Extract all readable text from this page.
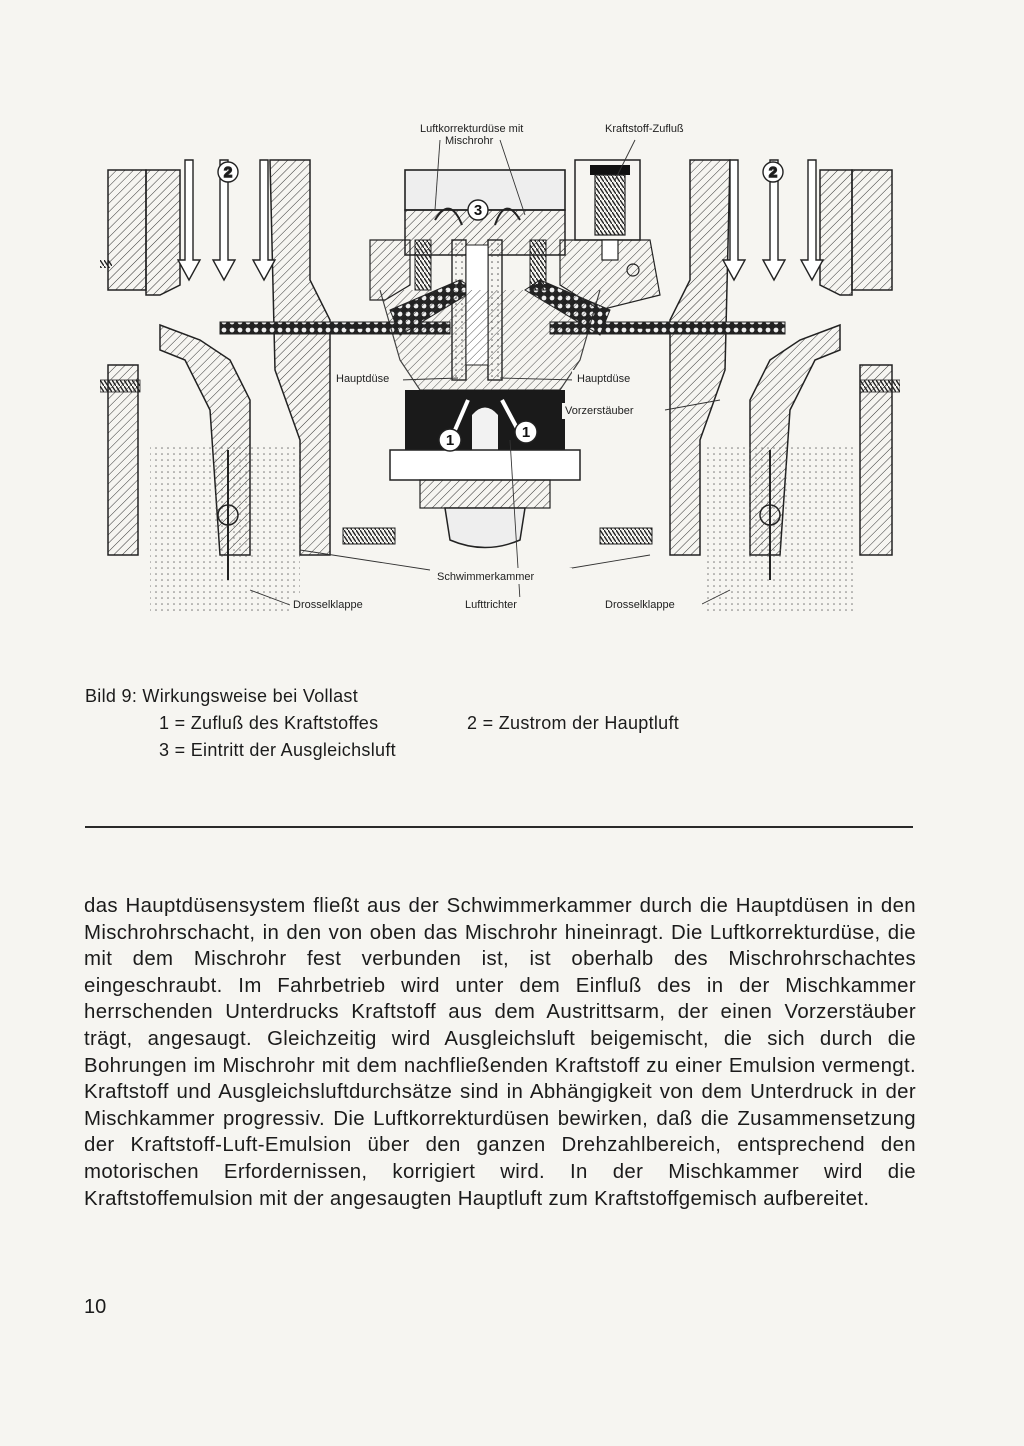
2	2
3
1	1
Luftkorrekturdüse mit
Mischrohr
Kraftstoff-Zufluß
Hauptdüse	Hauptdüse
Vorzerstäuber
Schwimmerkammer
Drosselklappe	Lufttrichter	Drosselklappe
Bild 9: Wirkungsweise bei Vollast
1 = Zufluß des Kraftstoffes	2 = Zustrom der Hauptluft
3 = Eintritt der Ausgleichsluft

das Hauptdüsensystem fließt aus der Schwimmerkammer durch die Hauptdüsen in den Mischrohrschacht, in den von oben das Mischrohr hineinragt. Die Luftkorrekturdüse, die mit dem Mischrohr fest verbunden ist, ist oberhalb des Mischrohrschachtes eingeschraubt. Im Fahrbetrieb wird unter dem Einfluß des in der Mischkammer herrschenden Unterdrucks Kraftstoff aus dem Austrittsarm, der einen Vorzerstäuber trägt, angesaugt. Gleichzeitig wird Ausgleichsluft beigemischt, die sich durch die Bohrungen im Mischrohr mit dem nachfließenden Kraftstoff zu einer Emulsion vermengt. Kraftstoff und Ausgleichsluftdurchsätze sind in Abhängigkeit von dem Unterdruck in der Mischkammer progressiv. Die Luftkorrekturdüsen bewirken, daß die Zusammensetzung der Kraftstoff-Luft-Emulsion über den ganzen Drehzahlbereich, entsprechend den motorischen Erfordernissen, korrigiert wird. In der Mischkammer wird die Kraftstoffemulsion mit der angesaugten Hauptluft zum Kraftstoffgemisch aufbereitet.

10
